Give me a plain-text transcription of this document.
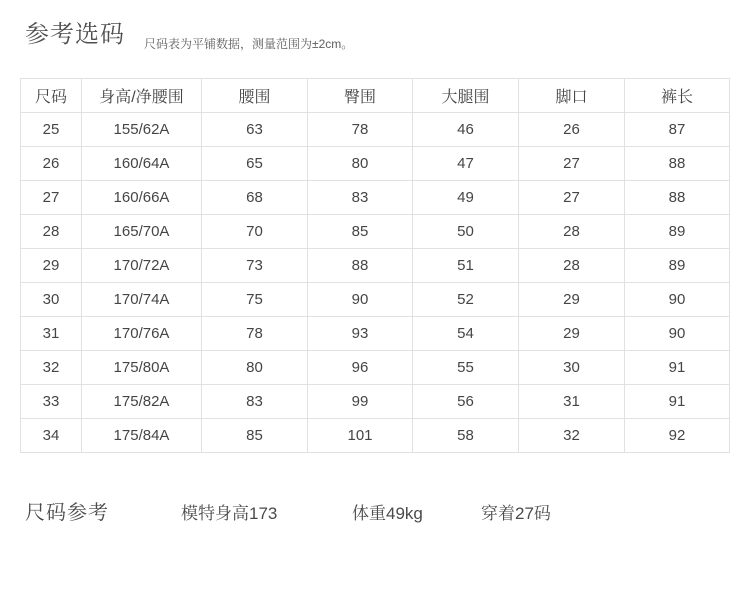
参考选码 尺码表为平铺数据，测量范围为±2cm。
尺码	身高/净腰围	腰围	臀围	大腿围	脚口	裤长
25	155/62A	63	78	46	26	87
26	160/64A	65	80	47	27	88
27	160/66A	68	83	49	27	88
28	165/70A	70	85	50	28	89
29	170/72A	73	88	51	28	89
30	170/74A	75	90	52	29	90
31	170/76A	78	93	54	29	90
32	175/80A	80	96	55	30	91
33	175/82A	83	99	56	31	91
34	175/84A	85	101	58	32	92
尺码参考	模特身高173	体重49kg	穿着27码
